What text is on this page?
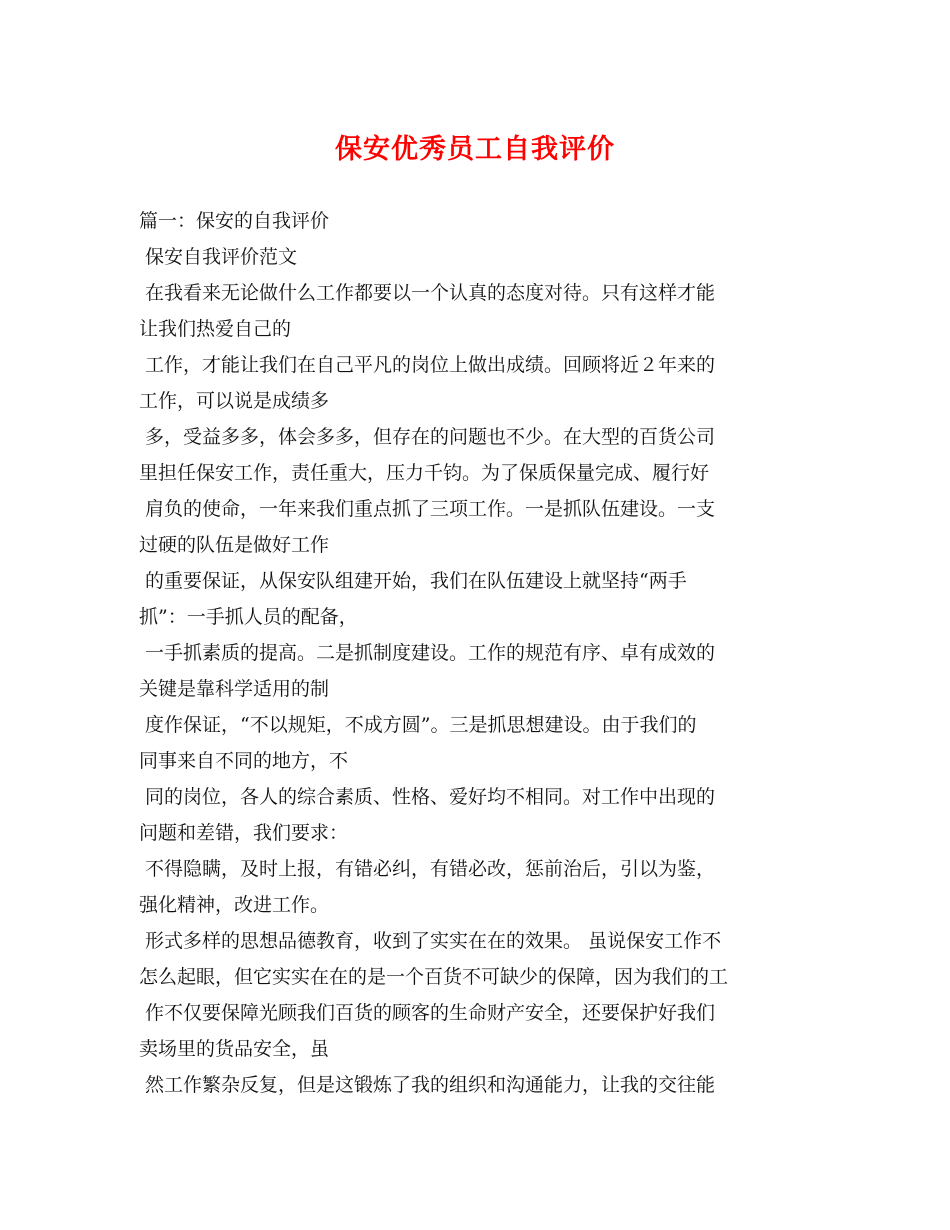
保安优秀员工自我评价
篇一：保安的自我评价
保安自我评价范文
在我看来无论做什么工作都要以一个认真的态度对待。只有这样才能
让我们热爱自己的
工作，才能让我们在自己平凡的岗位上做出成绩。回顾将近２年来的
工作，可以说是成绩多
多，受益多多，体会多多，但存在的问题也不少。在大型的百货公司
里担任保安工作，责任重大，压力千钧。为了保质保量完成、履行好
肩负的使命，一年来我们重点抓了三项工作。一是抓队伍建设。一支
过硬的队伍是做好工作
的重要保证，从保安队组建开始，我们在队伍建设上就坚持“两手
抓”：一手抓人员的配备，
一手抓素质的提高。二是抓制度建设。工作的规范有序、卓有成效的
关键是靠科学适用的制
度作保证，“不以规矩，不成方圆”。三是抓思想建设。由于我们的
同事来自不同的地方，不
同的岗位，各人的综合素质、性格、爱好均不相同。对工作中出现的
问题和差错，我们要求：
不得隐瞒，及时上报，有错必纠，有错必改，惩前治后，引以为鉴，
强化精神，改进工作。
形式多样的思想品德教育，收到了实实在在的效果。 虽说保安工作不
怎么起眼，但它实实在在的是一个百货不可缺少的保障，因为我们的工
作不仅要保障光顾我们百货的顾客的生命财产安全，还要保护好我们
卖场里的货品安全，虽
然工作繁杂反复，但是这锻炼了我的组织和沟通能力，让我的交往能
